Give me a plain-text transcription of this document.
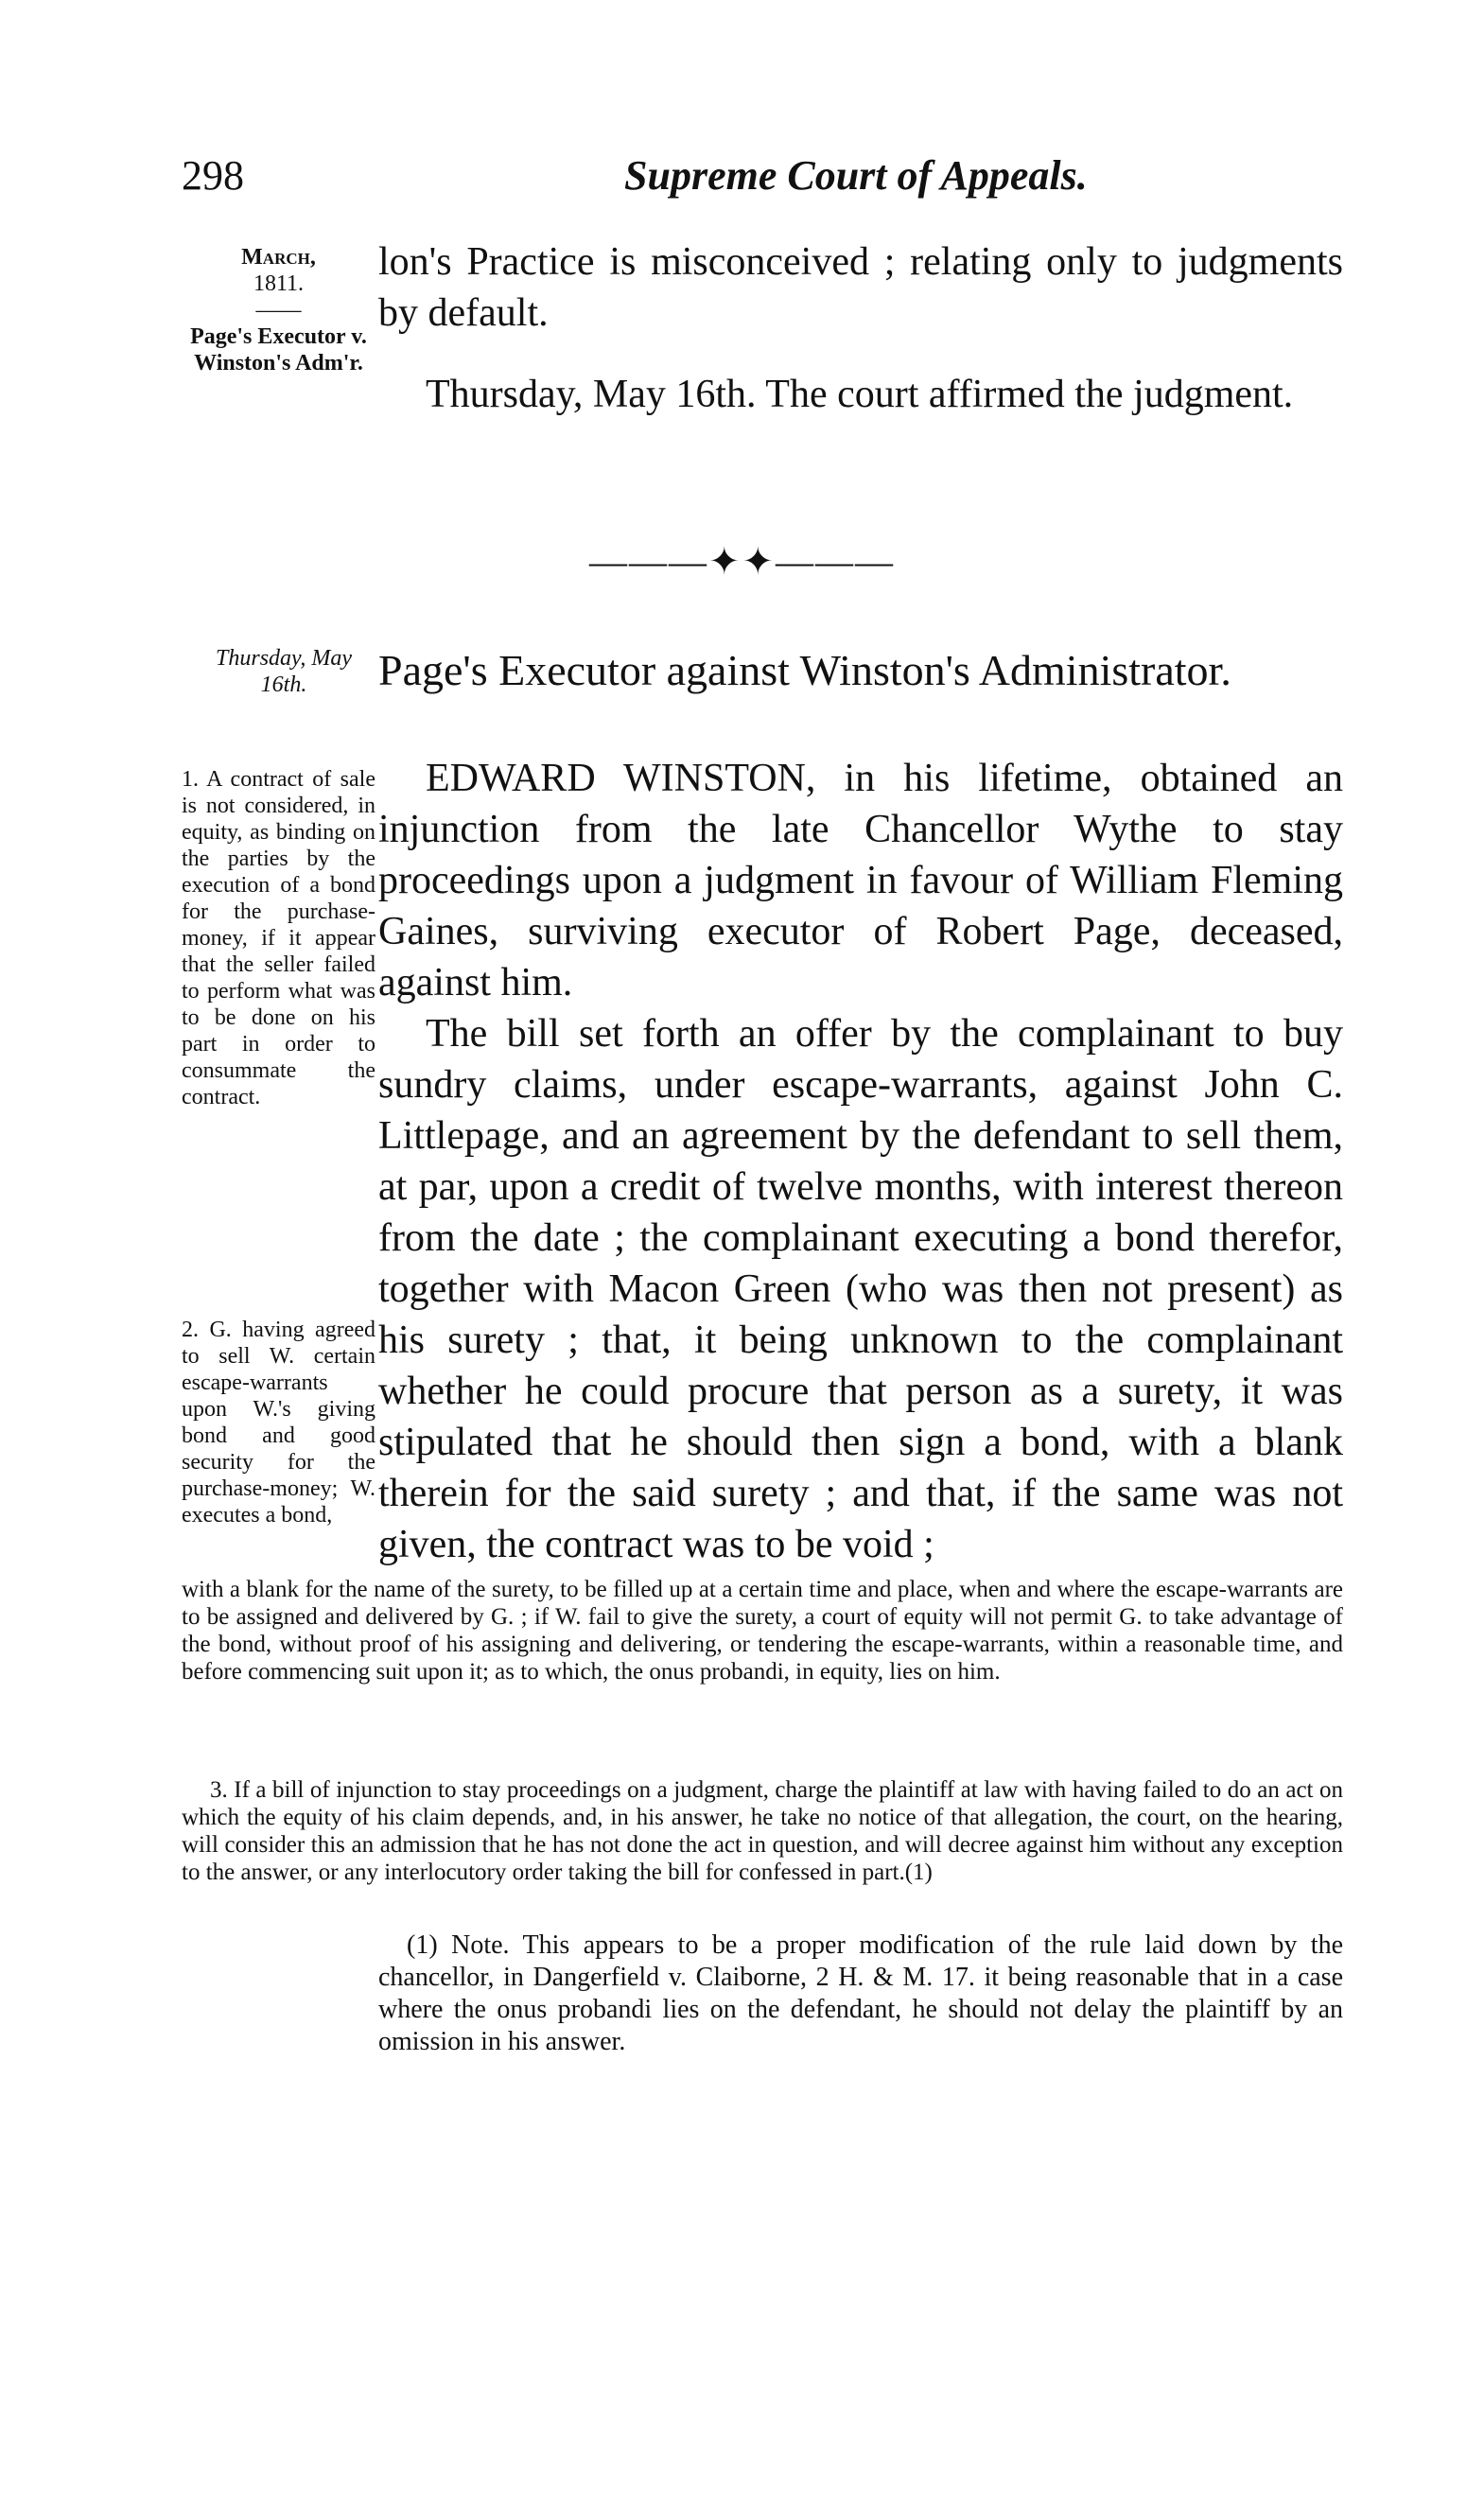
298	Supreme Court of Appeals.
March,
1811.
——
Page's Executor v. Winston's Adm'r.

lon's Practice is misconceived ; relating only to judgments by default.

Thursday, May 16th. The court affirmed the judgment.

———✦✦———
Thursday, May 16th.	Page's Executor against Winston's Administrator.
1. A contract of sale is not considered, in equity, as binding on the parties by the execution of a bond for the purchase-money, if it appear that the seller failed to perform what was to be done on his part in order to consummate the contract.
2. G. having agreed to sell W. certain escape-warrants upon W.'s giving bond and good security for the purchase-money; W. executes a bond,

EDWARD WINSTON, in his lifetime, obtained an injunction from the late Chancellor Wythe to stay proceedings upon a judgment in favour of William Fleming Gaines, surviving executor of Robert Page, deceased, against him.

The bill set forth an offer by the complainant to buy sundry claims, under escape-warrants, against John C. Littlepage, and an agreement by the defendant to sell them, at par, upon a credit of twelve months, with interest thereon from the date ; the complainant executing a bond therefor, together with Macon Green (who was then not present) as his surety ; that, it being unknown to the complainant whether he could procure that person as a surety, it was stipulated that he should then sign a bond, with a blank therein for the said surety ; and that, if the same was not given, the contract was to be void ;

with a blank for the name of the surety, to be filled up at a certain time and place, when and where the escape-warrants are to be assigned and delivered by G. ; if W. fail to give the surety, a court of equity will not permit G. to take advantage of the bond, without proof of his assigning and delivering, or tendering the escape-warrants, within a reasonable time, and before commencing suit upon it; as to which, the onus probandi, in equity, lies on him.
3. If a bill of injunction to stay proceedings on a judgment, charge the plaintiff at law with having failed to do an act on which the equity of his claim depends, and, in his answer, he take no notice of that allegation, the court, on the hearing, will consider this an admission that he has not done the act in question, and will decree against him without any exception to the answer, or any interlocutory order taking the bill for confessed in part.(1)
(1) Note. This appears to be a proper modification of the rule laid down by the chancellor, in Dangerfield v. Claiborne, 2 H. & M. 17. it being reasonable that in a case where the onus probandi lies on the defendant, he should not delay the plaintiff by an omission in his answer.
